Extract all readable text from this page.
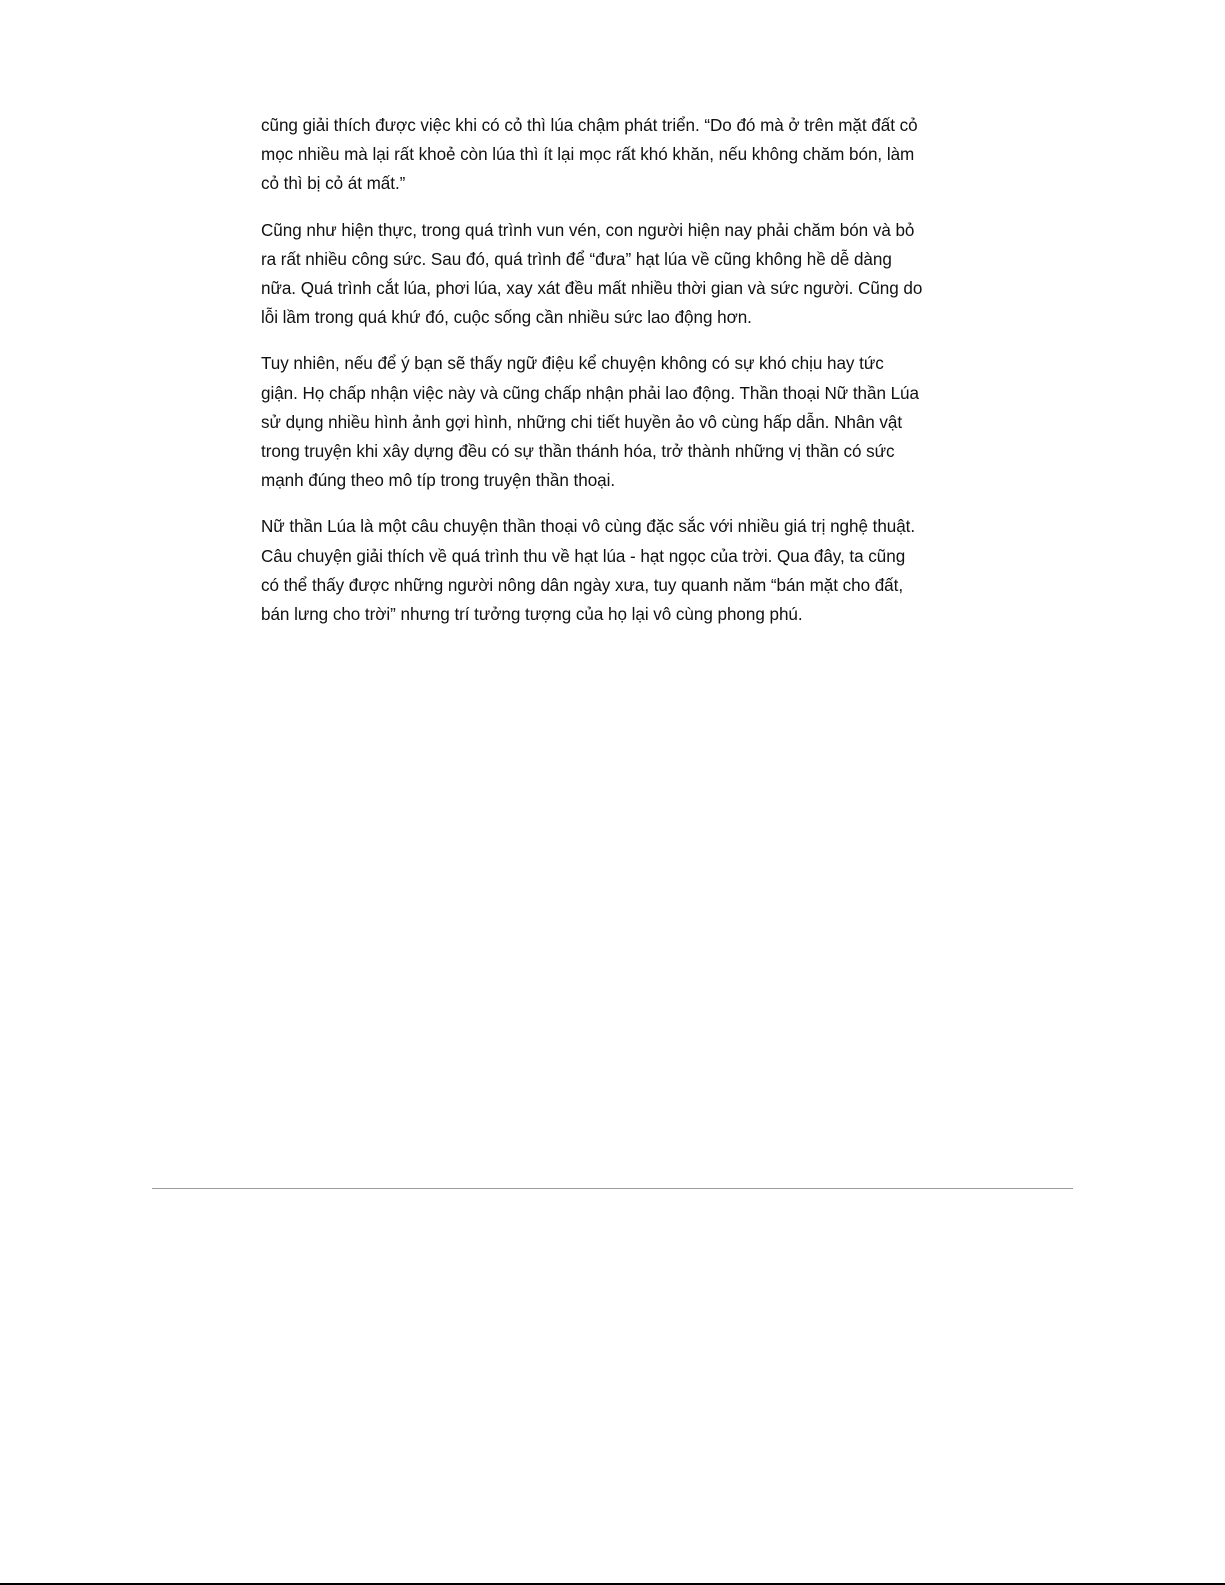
cũng giải thích được việc khi có cỏ thì lúa chậm phát triển. “Do đó mà ở trên mặt đất cỏ
mọc nhiều mà lại rất khoẻ còn lúa thì ít lại mọc rất khó khăn, nếu không chăm bón, làm
cỏ thì bị cỏ át mất.”

Cũng như hiện thực, trong quá trình vun vén, con người hiện nay phải chăm bón và bỏ
ra rất nhiều công sức. Sau đó, quá trình để “đưa” hạt lúa về cũng không hề dễ dàng
nữa. Quá trình cắt lúa, phơi lúa, xay xát đều mất nhiều thời gian và sức người. Cũng do
lỗi lầm trong quá khứ đó, cuộc sống cần nhiều sức lao động hơn.

Tuy nhiên, nếu để ý bạn sẽ thấy ngữ điệu kể chuyện không có sự khó chịu hay tức
giận. Họ chấp nhận việc này và cũng chấp nhận phải lao động. Thần thoại Nữ thần Lúa
sử dụng nhiều hình ảnh gợi hình, những chi tiết huyền ảo vô cùng hấp dẫn. Nhân vật
trong truyện khi xây dựng đều có sự thần thánh hóa, trở thành những vị thần có sức
mạnh đúng theo mô típ trong truyện thần thoại.

Nữ thần Lúa là một câu chuyện thần thoại vô cùng đặc sắc với nhiều giá trị nghệ thuật.
Câu chuyện giải thích về quá trình thu về hạt lúa - hạt ngọc của trời. Qua đây, ta cũng
có thể thấy được những người nông dân ngày xưa, tuy quanh năm “bán mặt cho đất,
bán lưng cho trời” nhưng trí tưởng tượng của họ lại vô cùng phong phú.
